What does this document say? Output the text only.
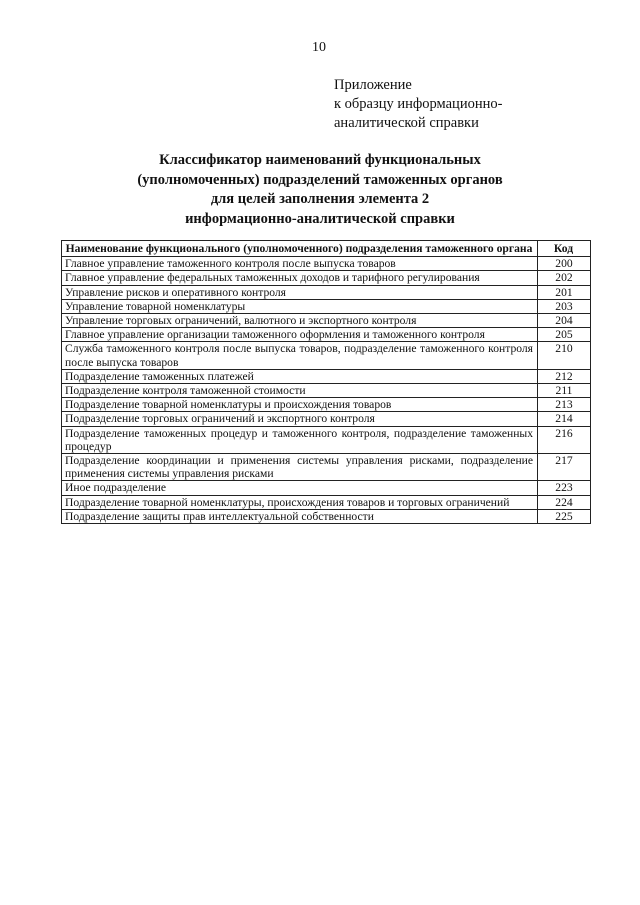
10
Приложение
к образцу информационно-
аналитической справки
Классификатор наименований функциональных
(уполномоченных) подразделений таможенных органов
для целей заполнения элемента 2
информационно-аналитической справки
Наименование функционального (уполномоченного) подразделения таможенного органа	Код
Главное управление таможенного контроля после выпуска товаров	200
Главное управление федеральных таможенных доходов и тарифного регулирования	202
Управление рисков и оперативного контроля	201
Управление товарной номенклатуры	203
Управление торговых ограничений, валютного и экспортного контроля	204
Главное управление организации таможенного оформления и таможенного контроля	205
Служба таможенного контроля после выпуска товаров, подразделение таможенного контроля после выпуска товаров	210
Подразделение таможенных платежей	212
Подразделение контроля таможенной стоимости	211
Подразделение товарной номенклатуры и происхождения товаров	213
Подразделение торговых ограничений и экспортного контроля	214
Подразделение таможенных процедур и таможенного контроля, подразделение таможенных процедур	216
Подразделение координации и применения системы управления рисками, подразделение применения системы управления рисками	217
Иное подразделение	223
Подразделение товарной номенклатуры, происхождения товаров и торговых ограничений	224
Подразделение защиты прав интеллектуальной собственности	225
